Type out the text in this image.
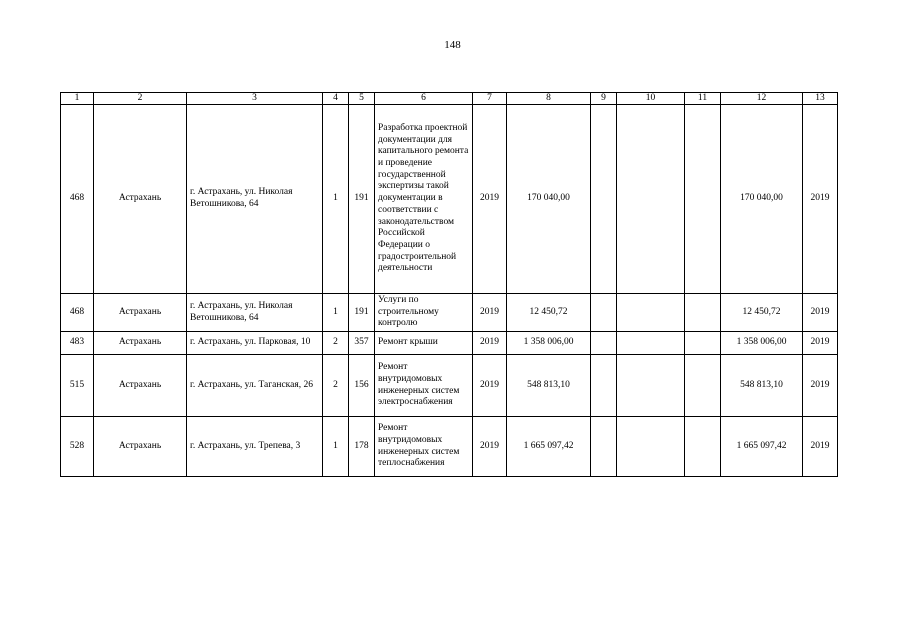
148
1	2	3	4	5	6	7	8	9	10	11	12	13
468	Астрахань	г. Астрахань, ул. Николая Ветошникова, 64	1	191	Разработка проектной документации для капитального ремонта и проведение государственной экспертизы такой документации в соответствии с законодательством Российской Федерации о градостроительной деятельности	2019	170 040,00				170 040,00	2019
468	Астрахань	г. Астрахань, ул. Николая Ветошникова, 64	1	191	Услуги по строительному контролю	2019	12 450,72				12 450,72	2019
483	Астрахань	г. Астрахань, ул. Парковая, 10	2	357	Ремонт крыши	2019	1 358 006,00				1 358 006,00	2019
515	Астрахань	г. Астрахань, ул. Таганская, 26	2	156	Ремонт внутридомовых инженерных систем электроснабжения	2019	548 813,10				548 813,10	2019
528	Астрахань	г. Астрахань, ул. Трепева, 3	1	178	Ремонт внутридомовых инженерных систем теплоснабжения	2019	1 665 097,42				1 665 097,42	2019
